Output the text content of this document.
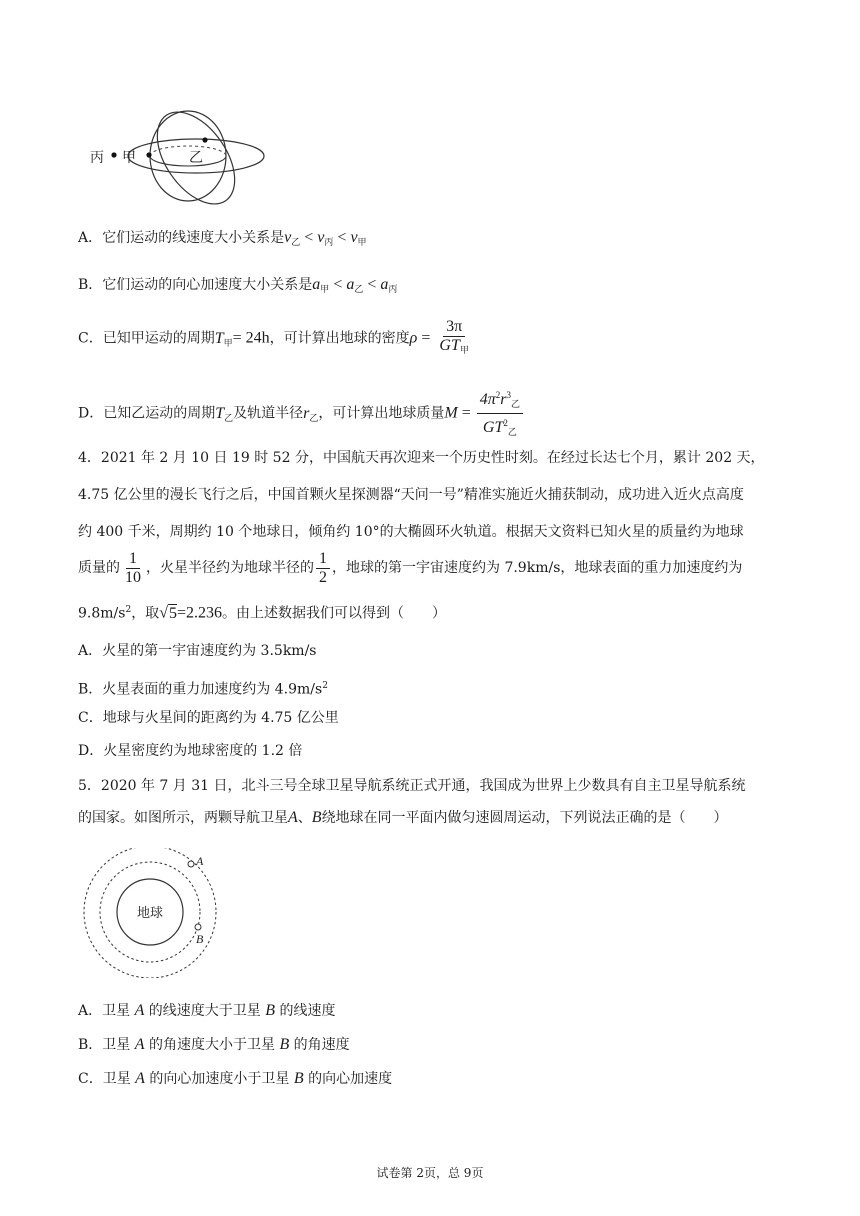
丙 甲	乙
A．它们运动的线速度大小关系是$v_乙 < v_丙 < v_甲$
B．它们运动的向心加速度大小关系是$a_甲 < a_乙 < a_丙$
C．已知甲运动的周期$T_甲= 24h$，可计算出地球的密度$\rho = \frac{3\pi}{GT_甲}$
D．已知乙运动的周期$T_乙$及轨道半径$r_乙$，可计算出地球质量$M = \frac{4\pi^2r^3_乙}{GT^2_乙}$
4．2021 年 2 月 10 日 19 时 52 分，中国航天再次迎来一个历史性时刻。在经过长达七个月，累计 202 天，
4.75 亿公里的漫长飞行之后，中国首颗火星探测器“天问一号”精准实施近火捕获制动，成功进入近火点高度
约 400 千米，周期约 10 个地球日，倾角约 10°的大椭圆环火轨道。根据天文资料已知火星的质量约为地球
质量的 $\frac{1}{10}$ ，火星半径约为地球半径的 $\frac{1}{2}$ ，地球的第一宇宙速度约为 7.9km/s，地球表面的重力加速度约为
$9.8m/s^2$，取√5=2.236。由上述数据我们可以得到（　　）
A．火星的第一宇宙速度约为 3.5km/s
B．火星表面的重力加速度约为 $4.9m/s^2$
C．地球与火星间的距离约为 4.75 亿公里
D．火星密度约为地球密度的 1.2 倍
5．2020 年 7 月 31 日，北斗三号全球卫星导航系统正式开通，我国成为世界上少数具有自主卫星导航系统
的国家。如图所示，两颗导航卫星A、B绕地球在同一平面内做匀速圆周运动，下列说法正确的是（　　）
地球
A
B
A．卫星 A 的线速度大于卫星 B 的线速度
B．卫星 A 的角速度大小于卫星 B 的角速度
C．卫星 A 的向心加速度小于卫星 B 的向心加速度
试卷第 2页，总 9页
